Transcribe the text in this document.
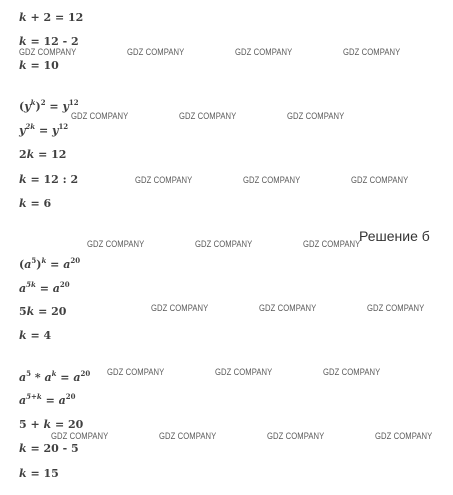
k + 2 = 12
k = 12 - 2
k = 10
$(y^k)^2 = y^{12}$
$y^{2k} = y^{12}$
2k = 12
k = 12 : 2
k = 6
Решение б
$(a^5)^k = a^{20}$
$a^{5k} = a^{20}$
5k = 20
k = 4
$a^5 * a^k = a^{20}$
$a^{5+k} = a^{20}$
5 + k = 20
k = 20 - 5
k = 15
GDZ COMPANY	GDZ COMPANY	GDZ COMPANY	GDZ COMPANY
GDZ COMPANY	GDZ COMPANY	GDZ COMPANY
GDZ COMPANY	GDZ COMPANY	GDZ COMPANY
GDZ COMPANY	GDZ COMPANY	GDZ COMPANY
GDZ COMPANY	GDZ COMPANY	GDZ COMPANY
GDZ COMPANY	GDZ COMPANY	GDZ COMPANY
GDZ COMPANY	GDZ COMPANY	GDZ COMPANY	GDZ COMPANY
